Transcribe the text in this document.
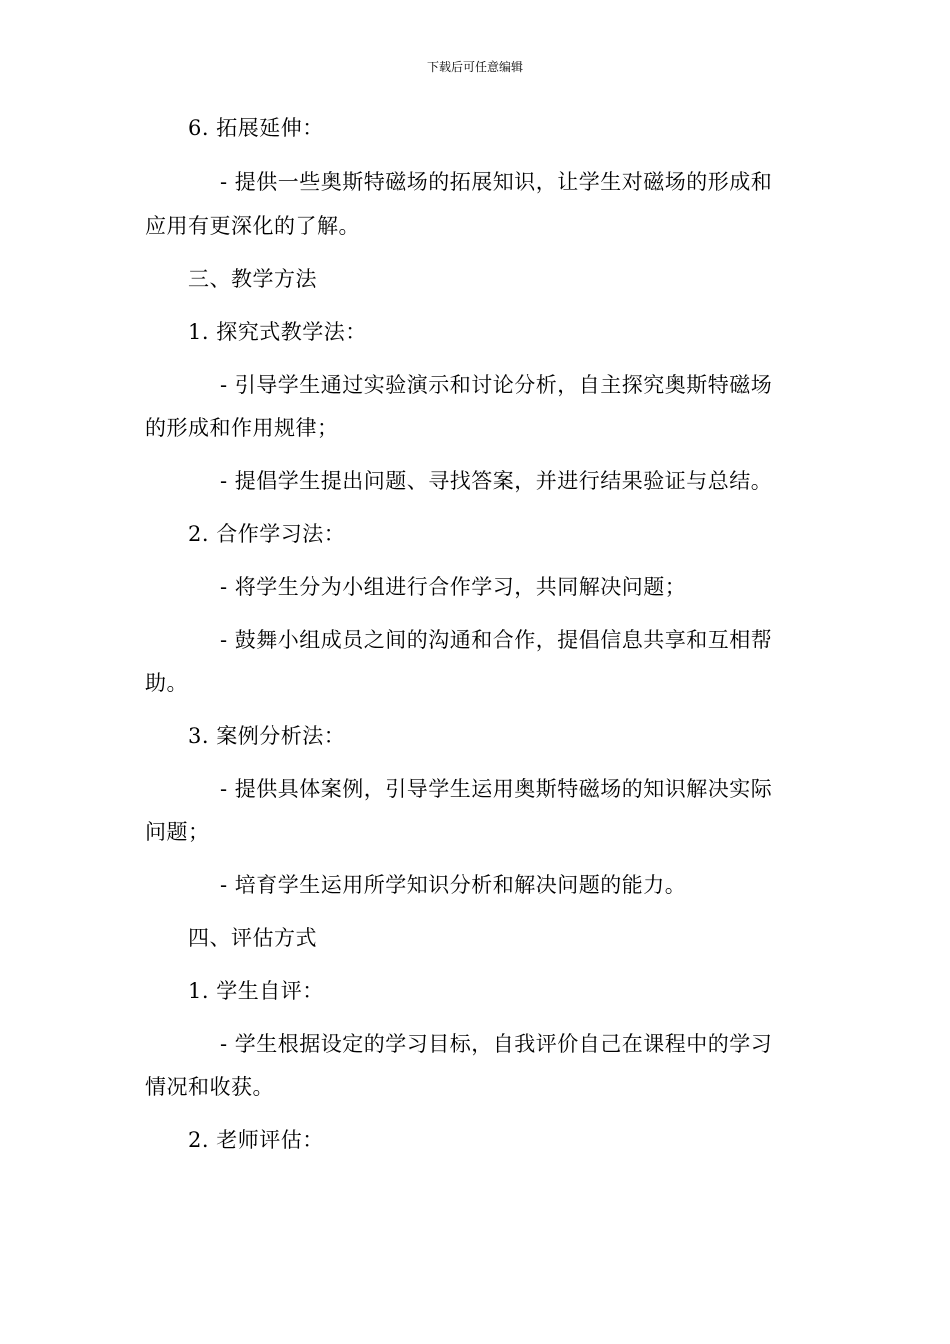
下载后可任意编辑
6. 拓展延伸：
- 提供一些奥斯特磁场的拓展知识，让学生对磁场的形成和
应用有更深化的了解。
三、教学方法
1. 探究式教学法：
- 引导学生通过实验演示和讨论分析，自主探究奥斯特磁场
的形成和作用规律；
- 提倡学生提出问题、寻找答案，并进行结果验证与总结。
2. 合作学习法：
- 将学生分为小组进行合作学习，共同解决问题；
- 鼓舞小组成员之间的沟通和合作，提倡信息共享和互相帮
助。
3. 案例分析法：
- 提供具体案例，引导学生运用奥斯特磁场的知识解决实际
问题；
- 培育学生运用所学知识分析和解决问题的能力。
四、评估方式
1. 学生自评：
- 学生根据设定的学习目标，自我评价自己在课程中的学习
情况和收获。
2. 老师评估：
